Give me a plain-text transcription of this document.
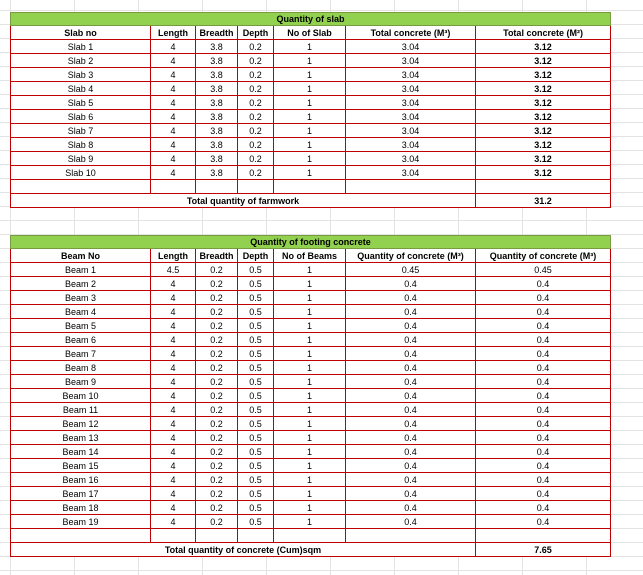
Quantity of slab						
Slab no	Length	Breadth	Depth	No of Slab	Total concrete (M³)	Total concrete (M²)
Slab 1	4	3.8	0.2	1	3.04	3.12
Slab 2	4	3.8	0.2	1	3.04	3.12
Slab 3	4	3.8	0.2	1	3.04	3.12
Slab 4	4	3.8	0.2	1	3.04	3.12
Slab 5	4	3.8	0.2	1	3.04	3.12
Slab 6	4	3.8	0.2	1	3.04	3.12
Slab 7	4	3.8	0.2	1	3.04	3.12
Slab 8	4	3.8	0.2	1	3.04	3.12
Slab 9	4	3.8	0.2	1	3.04	3.12
Slab 10	4	3.8	0.2	1	3.04	3.12

Total quantity of farmwork						31.2
Quantity of footing concrete						
Beam No	Length	Breadth	Depth	No of Beams	Quantity of concrete (M³)	Quantity of concrete (M³)
Beam 1	4.5	0.2	0.5	1	0.45	0.45
Beam 2	4	0.2	0.5	1	0.4	0.4
Beam 3	4	0.2	0.5	1	0.4	0.4
Beam 4	4	0.2	0.5	1	0.4	0.4
Beam 5	4	0.2	0.5	1	0.4	0.4
Beam 6	4	0.2	0.5	1	0.4	0.4
Beam 7	4	0.2	0.5	1	0.4	0.4
Beam 8	4	0.2	0.5	1	0.4	0.4
Beam 9	4	0.2	0.5	1	0.4	0.4
Beam 10	4	0.2	0.5	1	0.4	0.4
Beam 11	4	0.2	0.5	1	0.4	0.4
Beam 12	4	0.2	0.5	1	0.4	0.4
Beam 13	4	0.2	0.5	1	0.4	0.4
Beam 14	4	0.2	0.5	1	0.4	0.4
Beam 15	4	0.2	0.5	1	0.4	0.4
Beam 16	4	0.2	0.5	1	0.4	0.4
Beam 17	4	0.2	0.5	1	0.4	0.4
Beam 18	4	0.2	0.5	1	0.4	0.4
Beam 19	4	0.2	0.5	1	0.4	0.4

Total quantity of concrete (Cum)sqm						7.65
